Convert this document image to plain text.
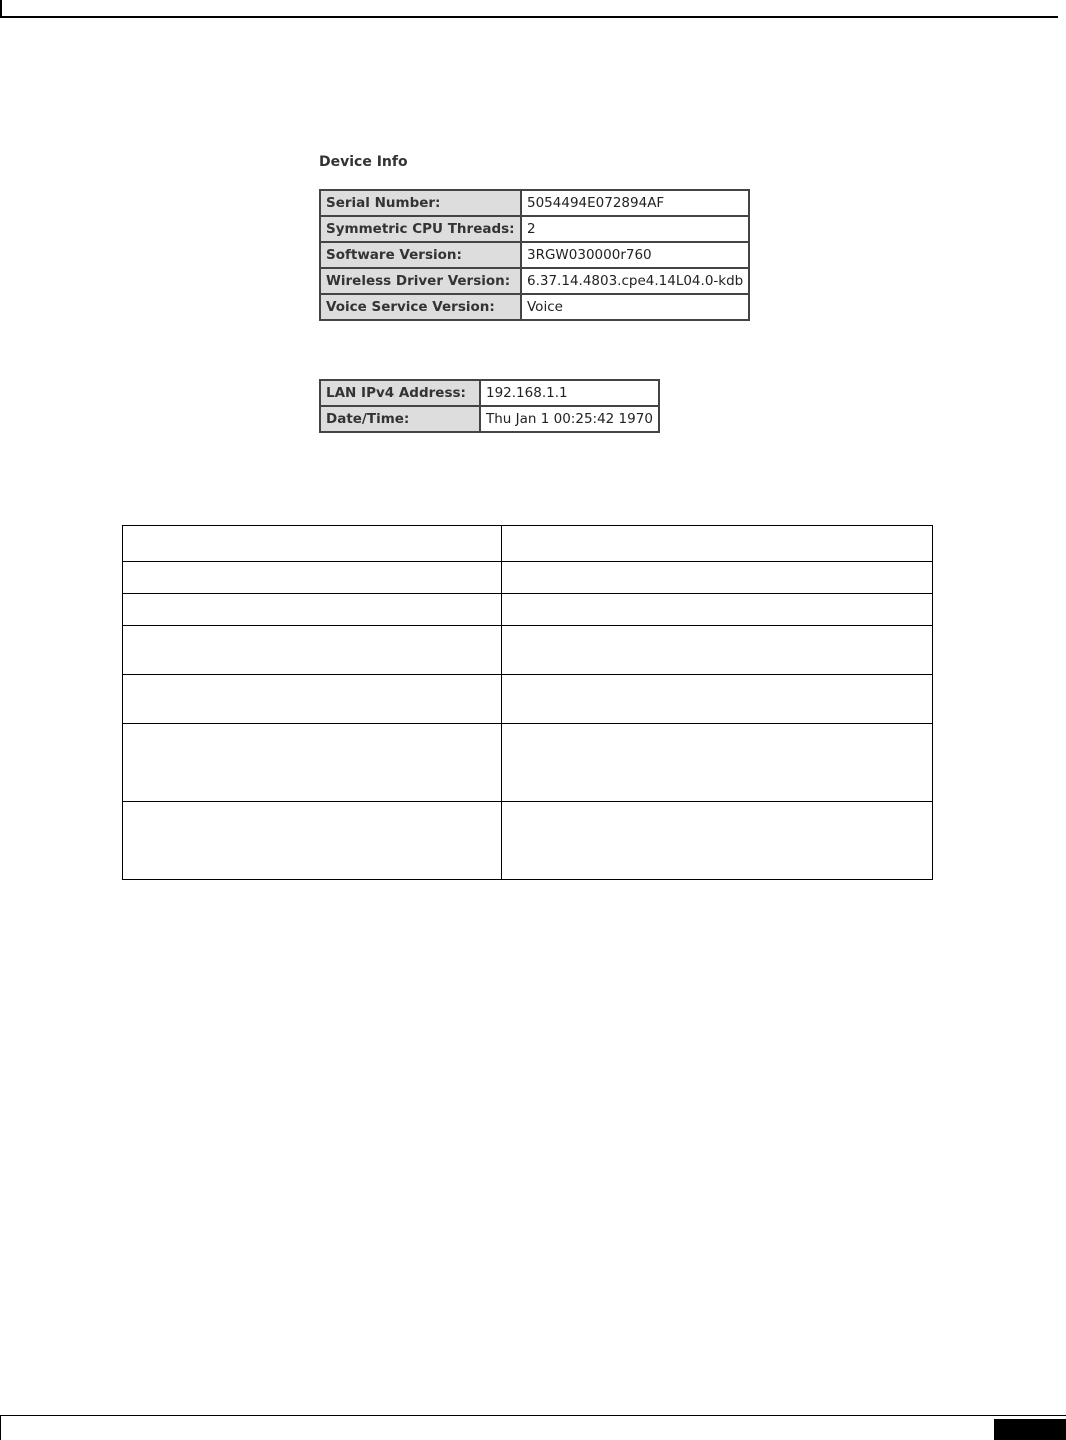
Device Info
Serial Number:	5054494E072894AF
Symmetric CPU Threads:	2
Software Version:	3RGW030000r760
Wireless Driver Version:	6.37.14.4803.cpe4.14L04.0-kdb
Voice Service Version:	Voice
LAN IPv4 Address:	192.168.1.1
Date/Time:	Thu Jan 1 00:25:42 1970
